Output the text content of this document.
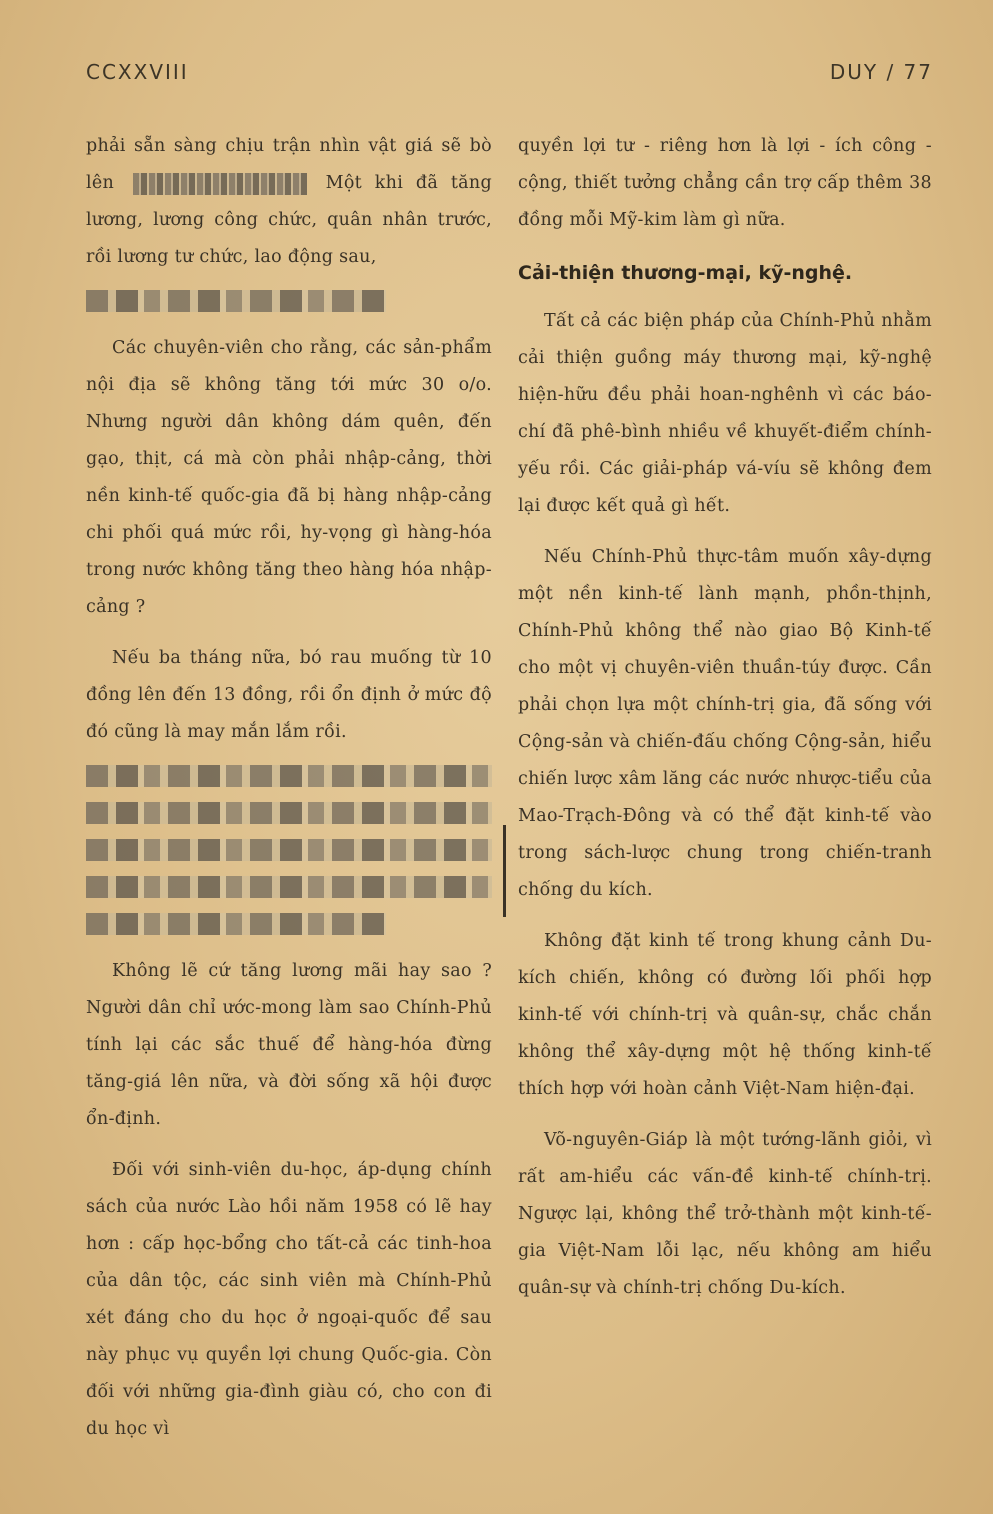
CCXXVIII	DUY / 77

phải sẵn sàng chịu trận nhìn vật giá sẽ bò lên	Một khi đã tăng lương, lương công chức, quân nhân trước, rồi lương tư chức, lao động sau,

Các chuyên-viên cho rằng, các sản-phẩm nội địa sẽ không tăng tới mức 30 o/o. Nhưng người dân không dám quên, đến gạo, thịt, cá mà còn phải nhập-cảng, thời nền kinh-tế quốc-gia đã bị hàng nhập-cảng chi phối quá mức rồi, hy-vọng gì hàng-hóa trong nước không tăng theo hàng hóa nhập-cảng ?

Nếu ba tháng nữa, bó rau muống từ 10 đồng lên đến 13 đồng, rồi ổn định ở mức độ đó cũng là may mắn lắm rồi.

Không lẽ cứ tăng lương mãi hay sao ? Người dân chỉ ước-mong làm sao Chính-Phủ tính lại các sắc thuế để hàng-hóa đừng tăng-giá lên nữa, và đời sống xã hội được ổn-định.

Đối với sinh-viên du-học, áp-dụng chính sách của nước Lào hồi năm 1958 có lẽ hay hơn : cấp học-bổng cho tất-cả các tinh-hoa của dân tộc, các sinh viên mà Chính-Phủ xét đáng cho du học ở ngoại-quốc để sau này phục vụ quyền lợi chung Quốc-gia. Còn đối với những gia-đình giàu có, cho con đi du học vì

quyền lợi tư - riêng hơn là lợi - ích công - cộng, thiết tưởng chẳng cần trợ cấp thêm 38 đồng mỗi Mỹ-kim làm gì nữa.

Cải-thiện thương-mại, kỹ-nghệ.

Tất cả các biện pháp của Chính-Phủ nhằm cải thiện guồng máy thương mại, kỹ-nghệ hiện-hữu đều phải hoan-nghênh vì các báo-chí đã phê-bình nhiều về khuyết-điểm chính-yếu rồi. Các giải-pháp vá-víu sẽ không đem lại được kết quả gì hết.

Nếu Chính-Phủ thực-tâm muốn xây-dựng một nền kinh-tế lành mạnh, phồn-thịnh, Chính-Phủ không thể nào giao Bộ Kinh-tế cho một vị chuyên-viên thuần-túy được. Cần phải chọn lựa một chính-trị gia, đã sống với Cộng-sản và chiến-đấu chống Cộng-sản, hiểu chiến lược xâm lăng các nước nhược-tiểu của Mao-Trạch-Đông và có thể đặt kinh-tế vào trong sách-lược chung trong chiến-tranh chống du kích.

Không đặt kinh tế trong khung cảnh Du-kích chiến, không có đường lối phối hợp kinh-tế với chính-trị và quân-sự, chắc chắn không thể xây-dựng một hệ thống kinh-tế thích hợp với hoàn cảnh Việt-Nam hiện-đại.

Võ-nguyên-Giáp là một tướng-lãnh giỏi, vì rất am-hiểu các vấn-đề kinh-tế chính-trị. Ngược lại, không thể trở-thành một kinh-tế-gia Việt-Nam lỗi lạc, nếu không am hiểu quân-sự và chính-trị chống Du-kích.
